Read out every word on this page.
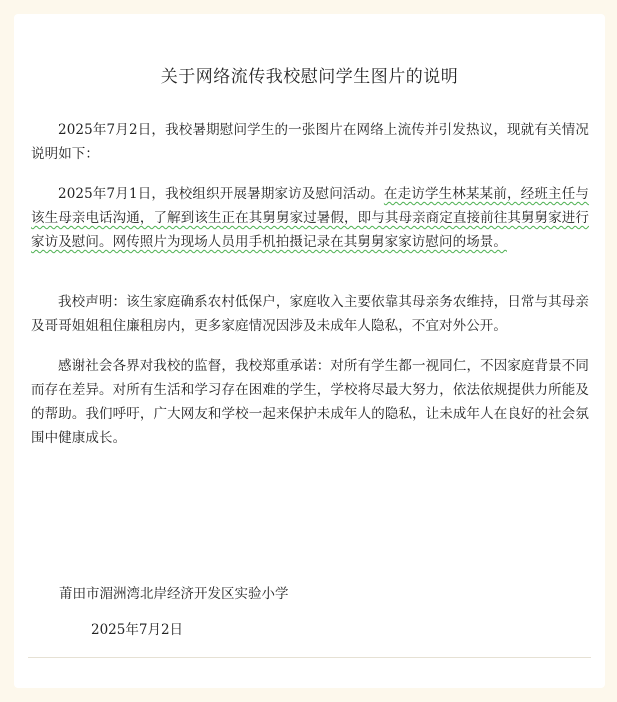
关于网络流传我校慰问学生图片的说明

2025年7月2日，我校暑期慰问学生的一张图片在网络上流传并引发热议，现就有关情况说明如下：

2025年7月1日，我校组织开展暑期家访及慰问活动。在走访学生林某某前，经班主任与该生母亲电话沟通，了解到该生正在其舅舅家过暑假，即与其母亲商定直接前往其舅舅家进行家访及慰问。网传照片为现场人员用手机拍摄记录在其舅舅家家访慰问的场景。

我校声明：该生家庭确系农村低保户，家庭收入主要依靠其母亲务农维持，日常与其母亲及哥哥姐姐租住廉租房内，更多家庭情况因涉及未成年人隐私，不宜对外公开。

感谢社会各界对我校的监督，我校郑重承诺：对所有学生都一视同仁，不因家庭背景不同而存在差异。对所有生活和学习存在困难的学生，学校将尽最大努力，依法依规提供力所能及的帮助。我们呼吁，广大网友和学校一起来保护未成年人的隐私，让未成年人在良好的社会氛围中健康成长。

莆田市湄洲湾北岸经济开发区实验小学

2025年7月2日
